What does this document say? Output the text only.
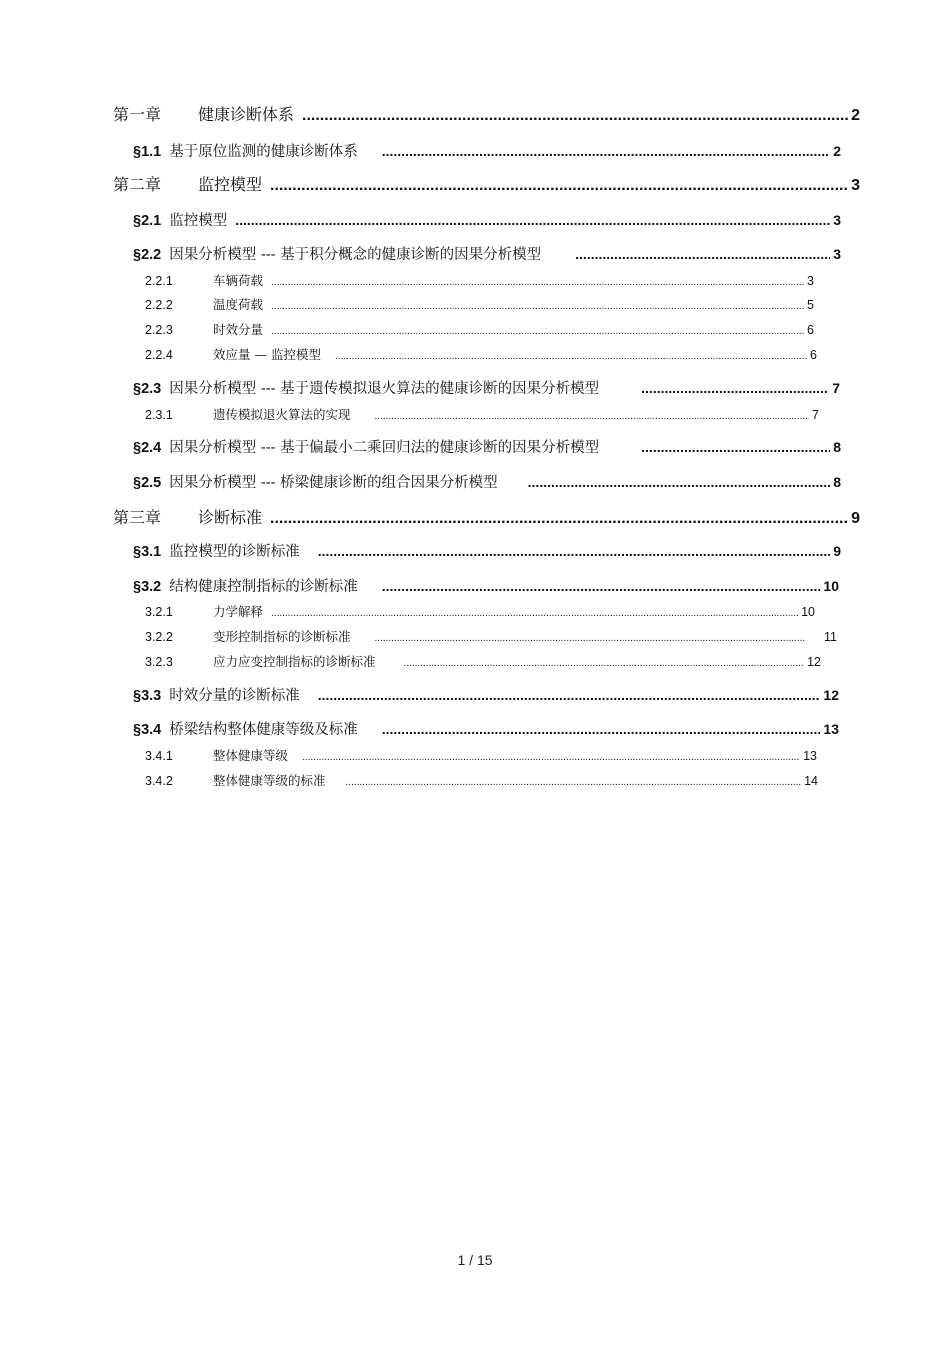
第一章	健康诊断体系 .....	2
§1.1 基于原位监测的健康诊断体系 .....	2
第二章	监控模型 .....	3
§2.1 监控模型 .....	3
§2.2 因果分析模型 --- 基于积分概念的健康诊断的因果分析模型 .....	3
2.2.1	车辆荷载 .....	3
2.2.2	温度荷载 .....	5
2.2.3	时效分量 .....	6
2.2.4	效应量 — 监控模型 .....	6
§2.3 因果分析模型 --- 基于遗传模拟退火算法的健康诊断的因果分析模型 .....	7
2.3.1	遗传模拟退火算法的实现 .....	7
§2.4 因果分析模型 --- 基于偏最小二乘回归法的健康诊断的因果分析模型 .....	8
§2.5 因果分析模型 --- 桥梁健康诊断的组合因果分析模型 .....	8
第三章	诊断标准 .....	9
§3.1 监控模型的诊断标准 .....	9
§3.2 结构健康控制指标的诊断标准 .....	10
3.2.1	力学解释 .....	10
3.2.2	变形控制指标的诊断标准 .....	11
3.2.3	应力应变控制指标的诊断标准 .....	12
§3.3 时效分量的诊断标准 .....	12
§3.4 桥梁结构整体健康等级及标准 .....	13
3.4.1	整体健康等级 .....	13
3.4.2	整体健康等级的标准 .....	14
1 / 15
